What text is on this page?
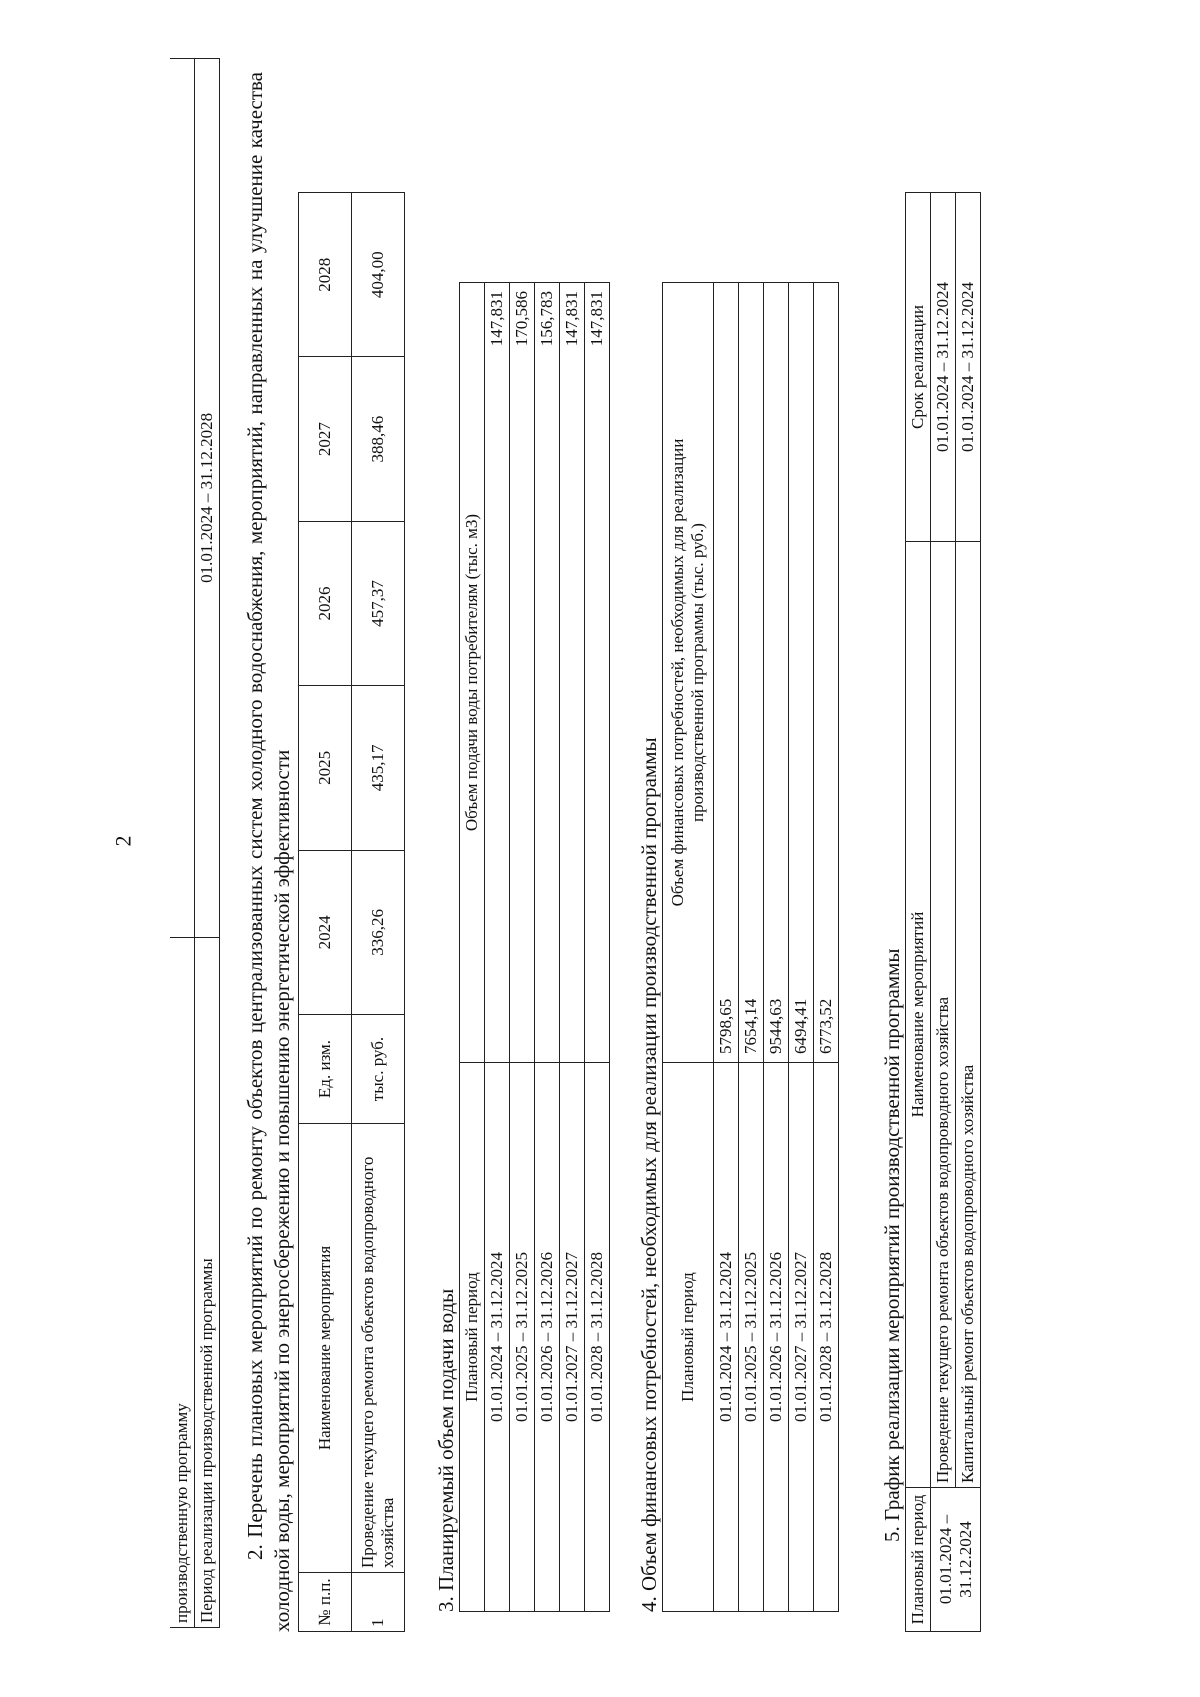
2
производственную программу	
Период реализации производственной программы	01.01.2024 – 31.12.2028 2. Перечень плановых мероприятий по ремонту объектов централизованных систем холодного водоснабжения, мероприятий, направленных на улучшение качества холодной воды, мероприятий по энергосбережению и повышению энергетической эффективности № п.п.	Наименование мероприятия	Ед. изм.	2024	2025	2026	2027	2028
1	Проведение текущего ремонта объектов водопроводного хозяйства	тыс. руб.	336,26	435,17	457,37	388,46	404,00

3. Планируемый объем подачи воды Плановый период	Объем подачи воды потребителям (тыс. м3)
01.01.2024 – 31.12.2024	147,831
01.01.2025 – 31.12.2025	170,586
01.01.2026 – 31.12.2026	156,783
01.01.2027 – 31.12.2027	147,831
01.01.2028 – 31.12.2028	147,831

4. Объем финансовых потребностей, необходимых для реализации производственной программы Плановый период	Объем финансовых потребностей, необходимых для реализации производственной программы (тыс. руб.)
01.01.2024 – 31.12.2024	5798,65
01.01.2025 – 31.12.2025	7654,14
01.01.2026 – 31.12.2026	9544,63
01.01.2027 – 31.12.2027	6494,41
01.01.2028 – 31.12.2028	6773,52 5. График реализации мероприятий производственной программы

Плановый период	Наименование мероприятий	Срок реализации
01.01.2024 – 31.12.2024	Проведение текущего ремонта объектов водопроводного хозяйства	01.01.2024 – 31.12.2024
	Капитальный ремонт объектов водопроводного хозяйства	01.01.2024 – 31.12.2024
